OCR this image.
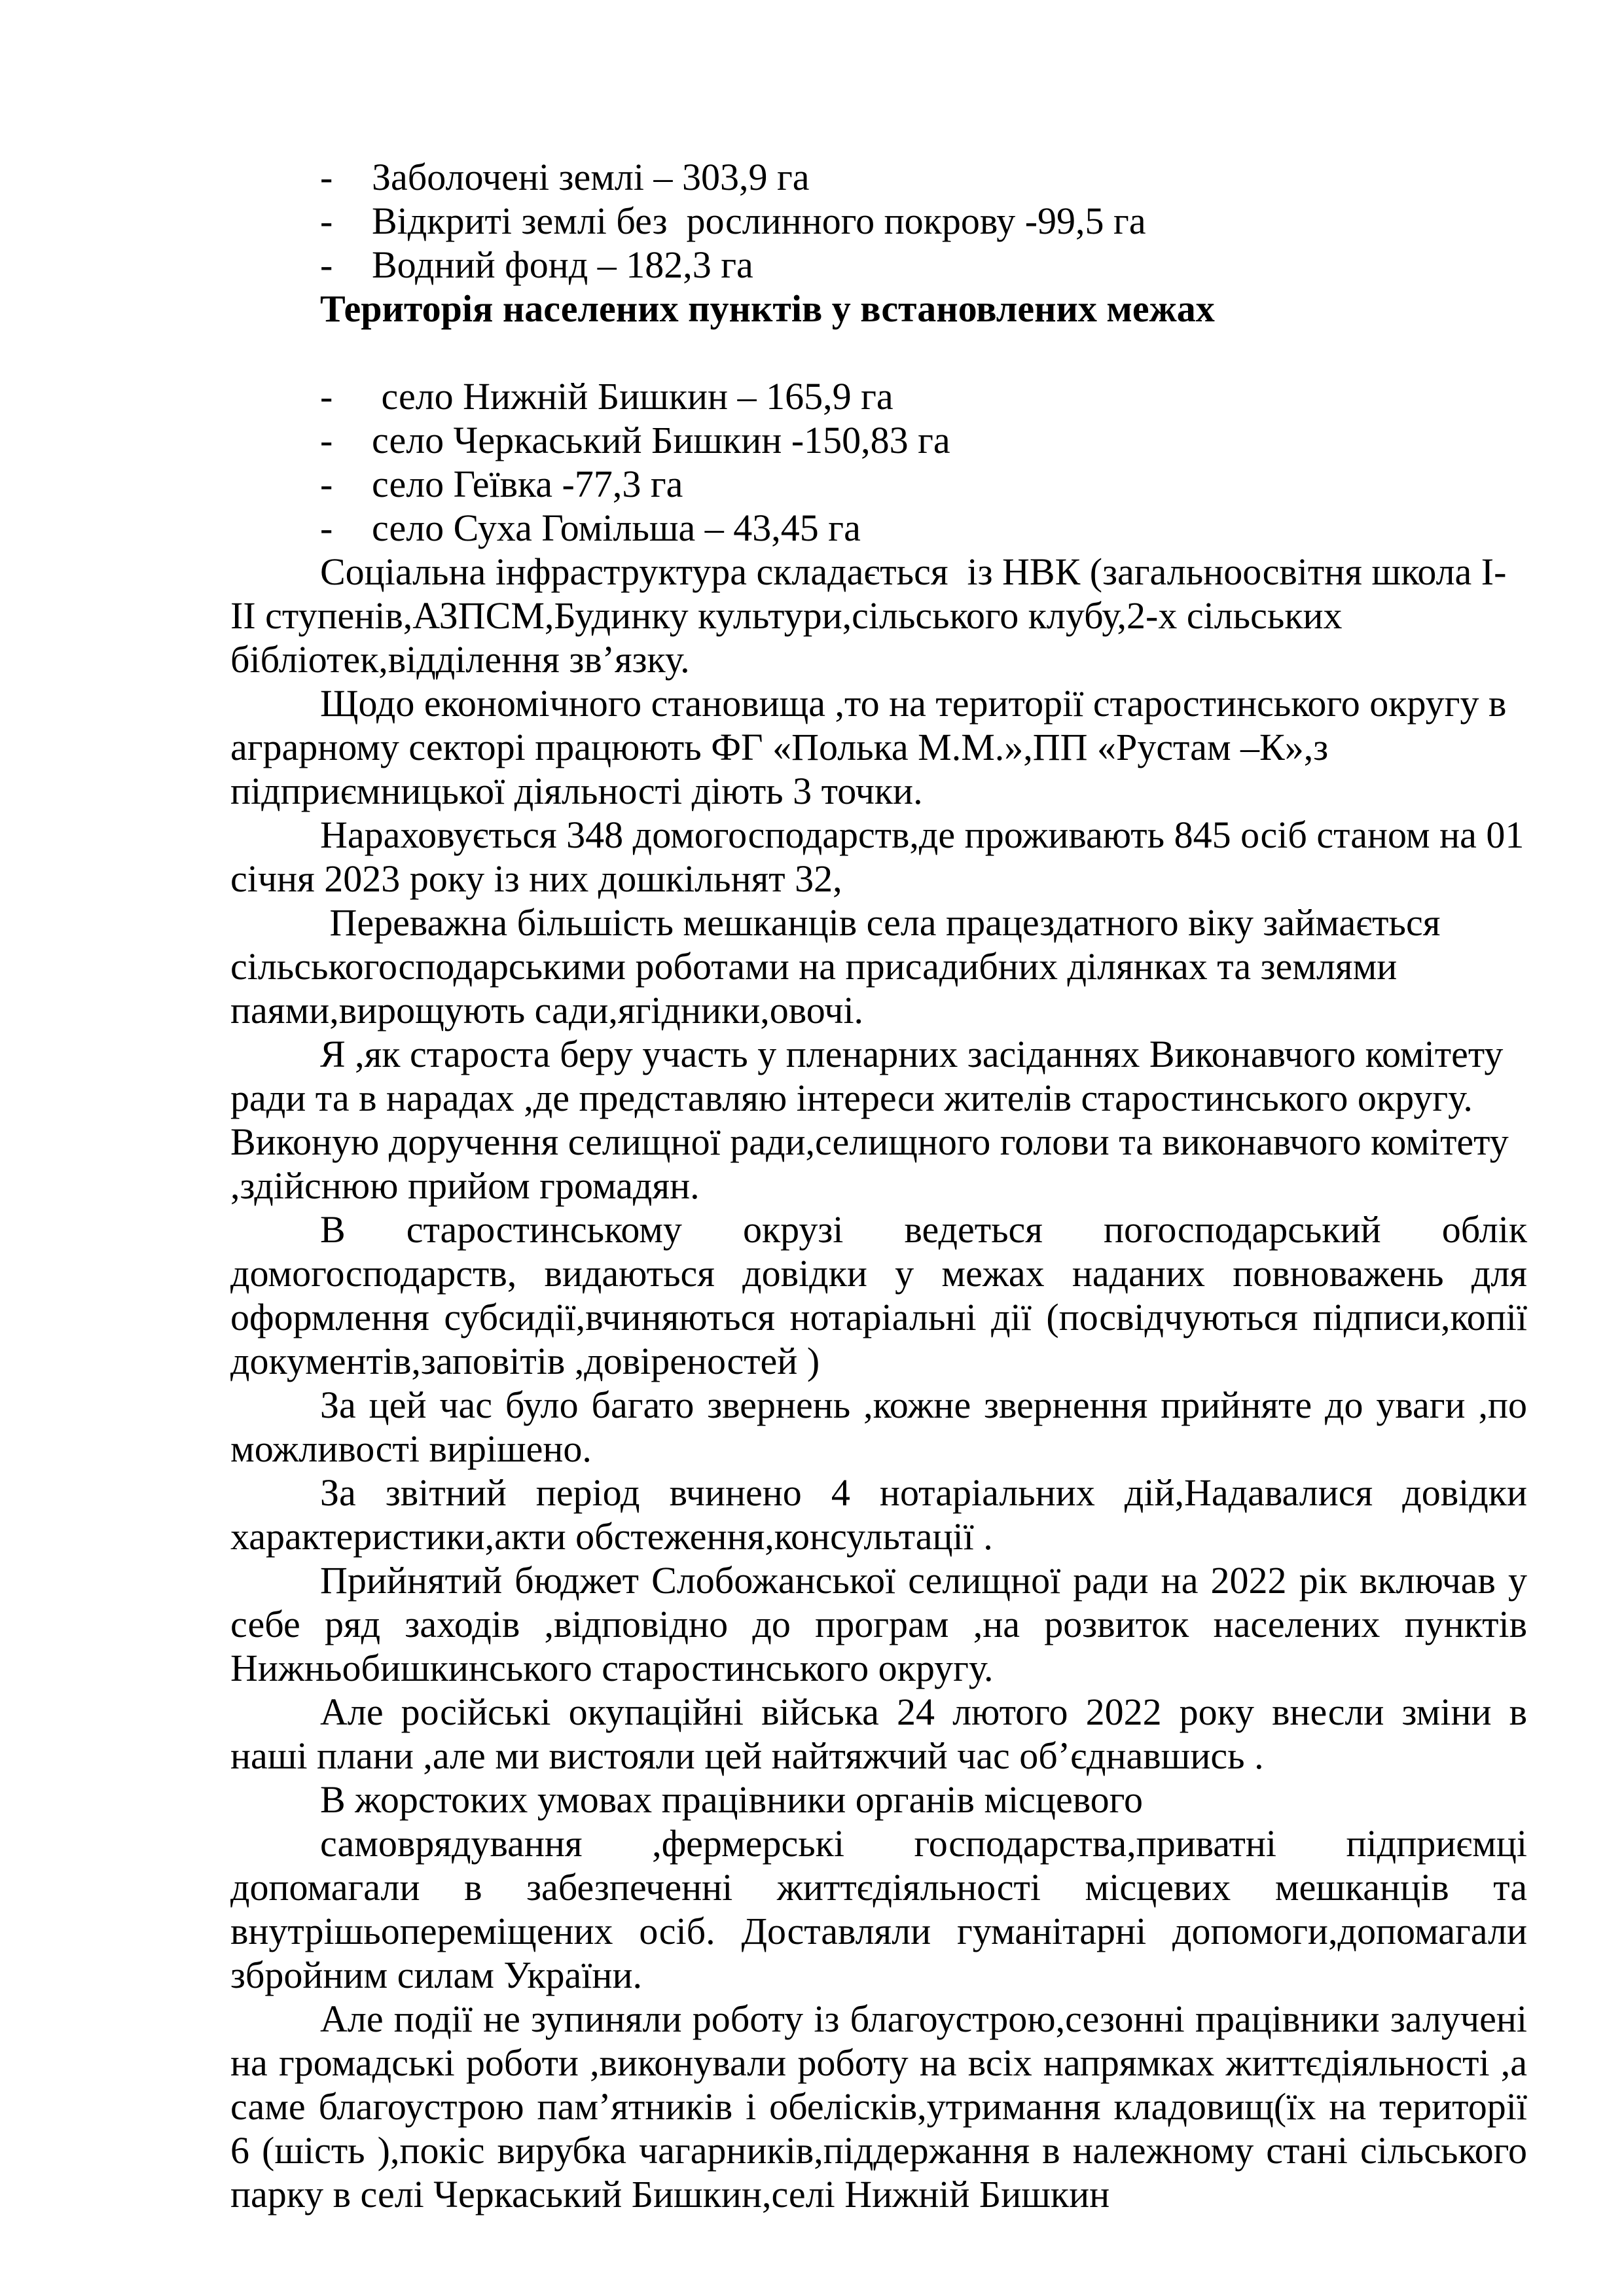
-	Заболочені землі – 303,9 га
-	Відкриті землі без  рослинного покрову -99,5 га
-	Водний фонд – 182,3 га

Територія населених пунктів у встановлених межах

-	село Нижній Бишкин – 165,9 га
-	село Черкаський Бишкин -150,83 га
-	село Геївка -77,3 га
-	село Суха Гомільша – 43,45 га

Соціальна інфраструктура складається  із НВК (загальноосвітня школа І-ІІ ступенів,АЗПСМ,Будинку культури,сільського клубу,2-х сільських бібліотек,відділення зв’язку.

Щодо економічного становища ,то на території старостинського округу в аграрному секторі працюють ФГ «Полька М.М.»,ПП «Рустам –К»,з підприємницької діяльності діють 3 точки.

Нараховується 348 домогосподарств,де проживають 845 осіб станом на 01 січня 2023 року із них дошкільнят 32,

Переважна більшість мешканців села працездатного віку займається сільськогосподарськими роботами на присадибних ділянках та землями паями,вирощують сади,ягідники,овочі.

Я ,як староста беру участь у пленарних засіданнях Виконавчого комітету ради та в нарадах ,де представляю інтереси жителів старостинського округу. Виконую доручення селищної ради,селищного голови та виконавчого комітету ,здійснюю прийом громадян.

В старостинському окрузі ведеться погосподарський облік домогосподарств, видаються довідки у межах наданих повноважень для оформлення субсидії,вчиняються нотаріальні дії (посвідчуються підписи,копії документів,заповітів ,довіреностей )

За цей час було багато звернень ,кожне звернення прийняте до уваги ,по можливості вирішено.

За звітний період вчинено 4 нотаріальних дій,Надавалися довідки характеристики,акти обстеження,консультації .

Прийнятий бюджет Слобожанської селищної ради на 2022 рік включав у себе ряд заходів ,відповідно до програм ,на розвиток населених пунктів Нижньобишкинського старостинського округу.

Але російські окупаційні війська 24 лютого 2022 року внесли зміни в наші плани ,але ми вистояли цей найтяжчий час об’єднавшись .

В жорстоких умовах працівники органів місцевого

самоврядування ,фермерські господарства,приватні підприємці допомагали в забезпеченні життєдіяльності місцевих мешканців та внутрішьопереміщених осіб. Доставляли гуманітарні допомоги,допомагали збройним силам України.

Але події не зупиняли роботу із благоустрою,сезонні працівники залучені на громадські роботи ,виконували роботу на всіх напрямках життєдіяльності ,а саме благоустрою пам’ятників і обелісків,утримання кладовищ(їх на території 6 (шість ),покіс вирубка чагарників,піддержання в належному стані сільського парку в селі Черкаський Бишкин,селі Нижній Бишкин
